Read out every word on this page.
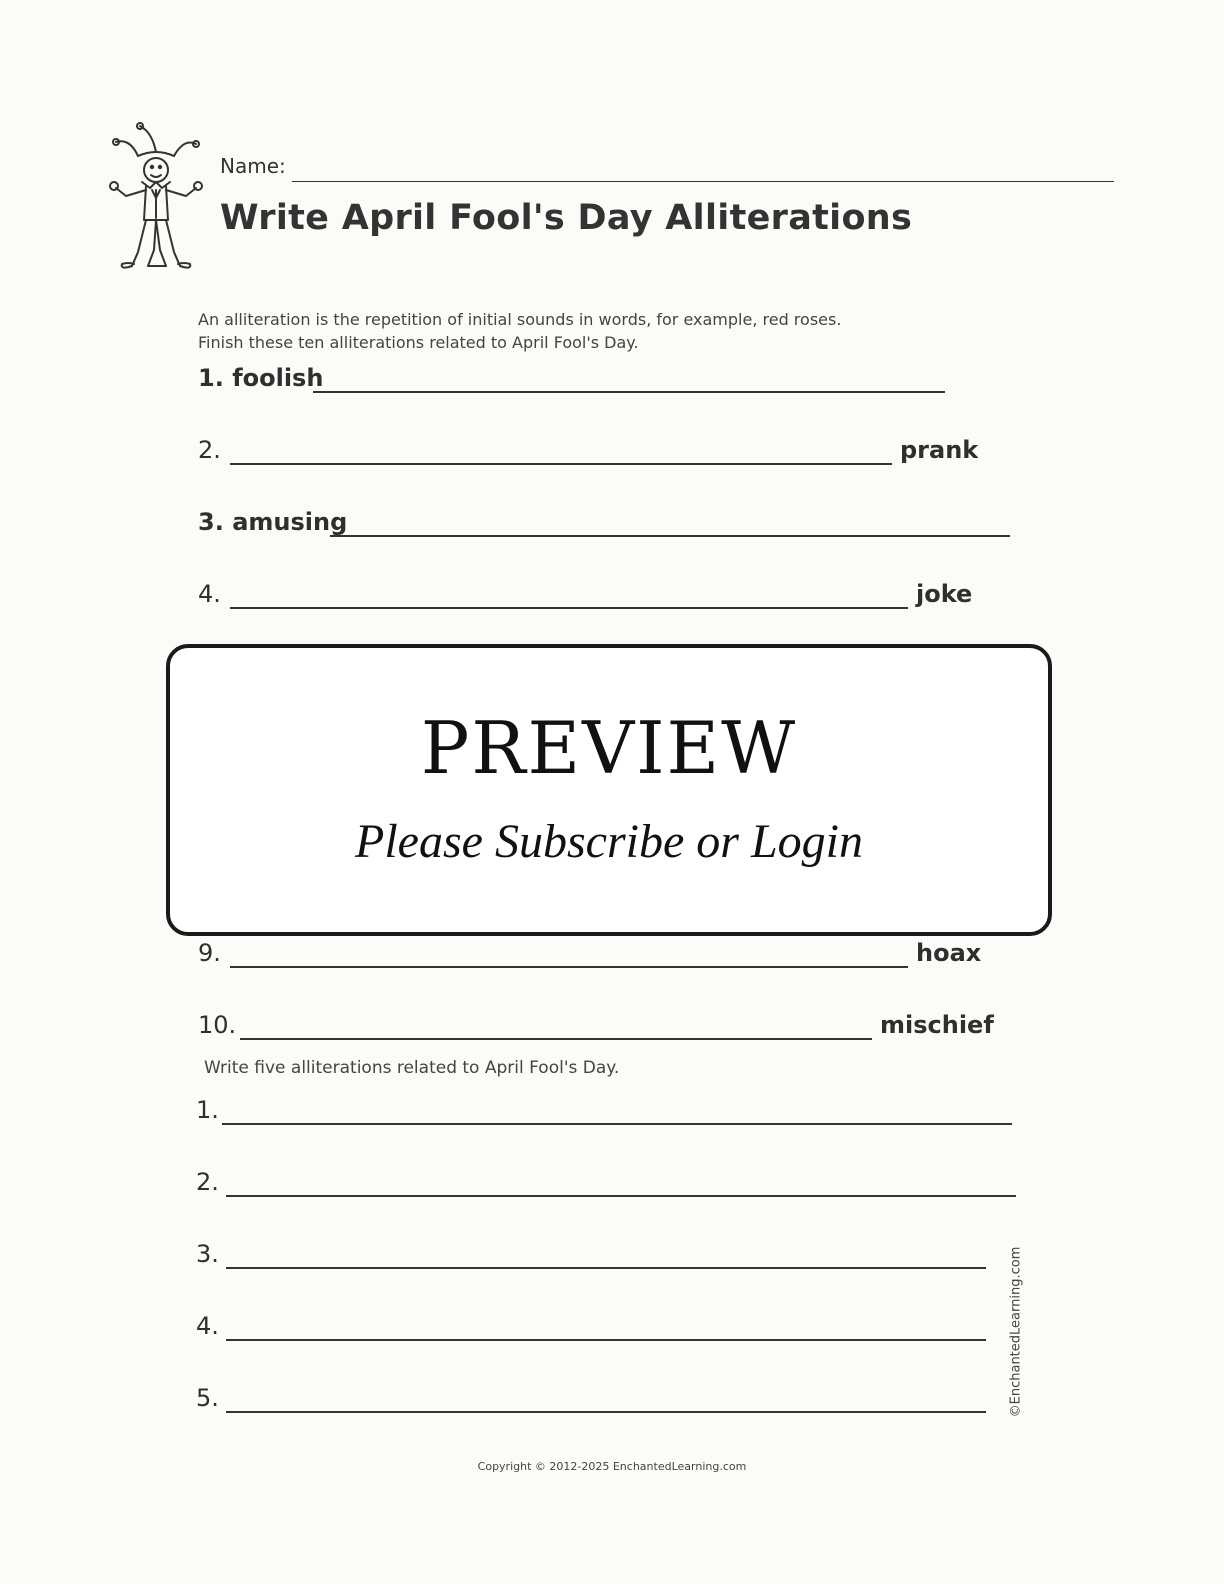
Name:
Write April Fool's Day Alliterations
An alliteration is the repetition of initial sounds in words, for example, red roses.
Finish these ten alliterations related to April Fool's Day.
1. foolish
2.	prank
3. amusing
4.	joke
PREVIEW
Please Subscribe or Login
9.	hoax
10.	mischief
Write five alliterations related to April Fool's Day.
1.
2.
3.
4.
5.	©EnchantedLearning.com
Copyright © 2012-2025 EnchantedLearning.com
